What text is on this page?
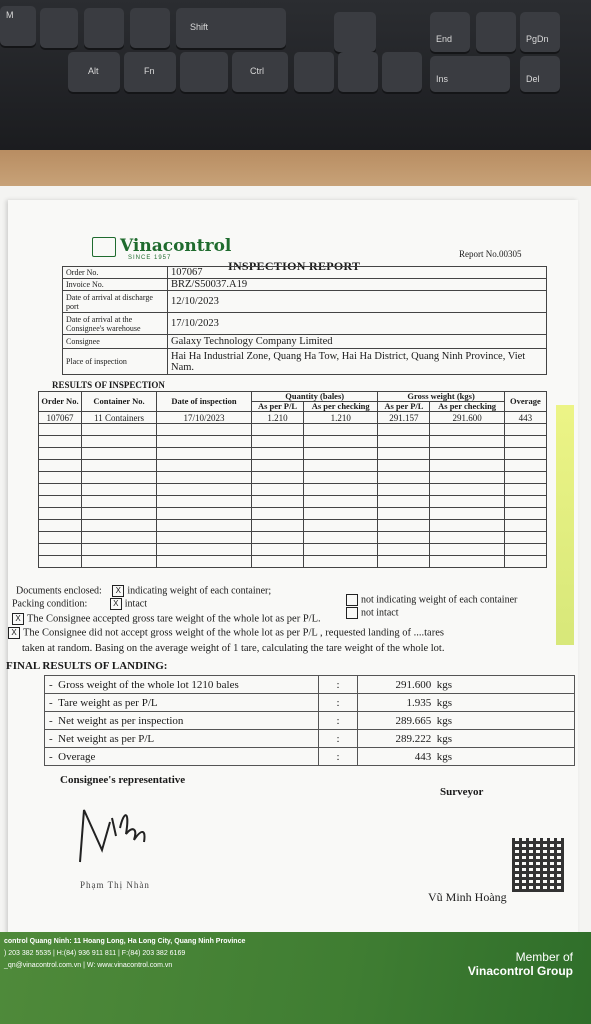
M
Shift
End	PgDn
Alt	Fn	Ctrl
Ins	Del
Vinacontrol
SINCE 1957
INSPECTION REPORT
Report No.00305
Order No.	107067
Invoice No.	BRZ/S50037.A19
Date of arrival at discharge port	12/10/2023
Date of arrival at the Consignee's warehouse	17/10/2023
Consignee	Galaxy Technology Company Limited
Place of inspection	Hai Ha Industrial Zone, Quang Ha Tow, Hai Ha District, Quang Ninh Province, Viet Nam.
RESULTS OF INSPECTION
Order No.	Container No.	Date of inspection	Quantity (bales)		Gross weight (kgs)		Overage
			As per P/L	As per checking	As per P/L	As per checking
107067	11 Containers	17/10/2023	1.210	1.210	291.157	291.600	443

Documents enclosed: X indicating weight of each container;
not indicating weight of each container
Packing condition:	X intact
not intact
X The Consignee accepted gross tare weight of the whole lot as per P/L.
X The Consignee did not accept gross weight of the whole lot as per P/L , requested landing of ....tares
taken at random. Basing on the average weight of 1 tare, calculating the tare weight of the whole lot.
FINAL RESULTS OF LANDING:
-  Gross weight of the whole lot 1210 bales	:	291.600 kgs
-  Tare weight as per P/L	:	1.935 kgs
-  Net weight as per inspection	:	289.665 kgs
-  Net weight as per P/L	:	289.222 kgs
-  Overage	:	443 kgs
Consignee's representative
Surveyor
Phạm Thị Nhàn
Vũ Minh Hoàng
control Quang Ninh: 11 Hoang Long, Ha Long City, Quang Ninh Province
) 203 382 5535 | H:(84) 936 911 811 | F:(84) 203 382 6169
_qn@vinacontrol.com.vn | W: www.vinacontrol.com.vn
Member of
Vinacontrol Group
